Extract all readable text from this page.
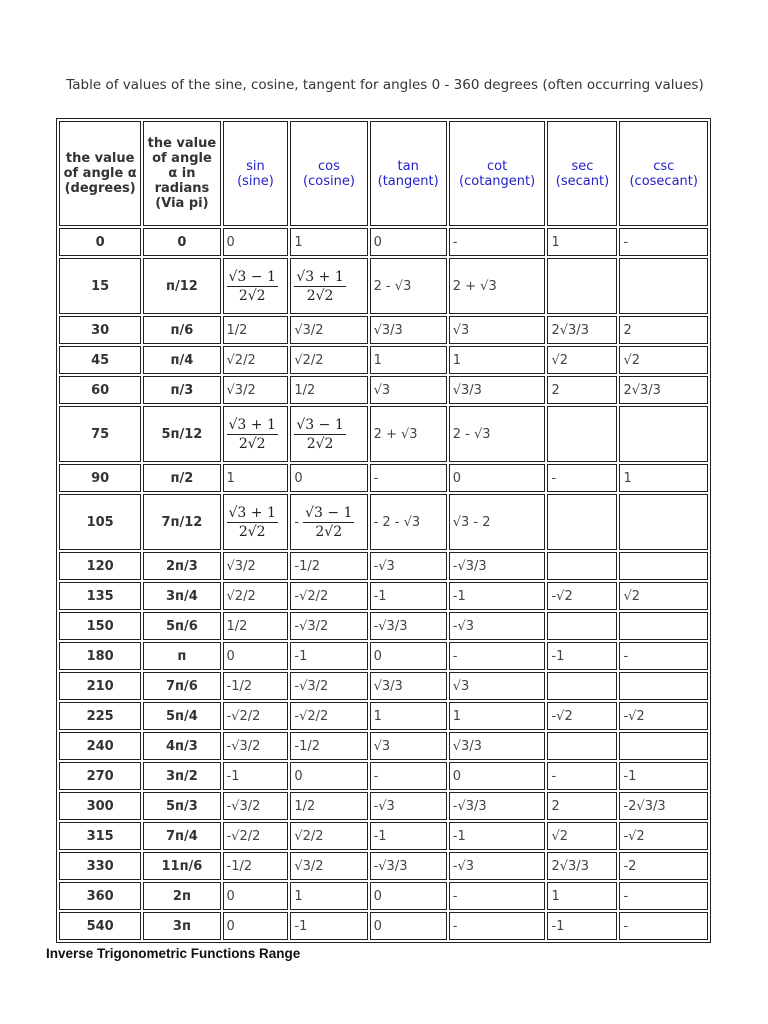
Table of values of the sine, cosine, tangent for angles 0 - 360 degrees (often occurring values)
the value of angle α (degrees)	the value of angle α in radians (Via pi)	sin (sine)	cos (cosine)	tan (tangent)	cot (cotangent)	sec (secant)	csc (cosecant)
0	0	0	1	0	-	1	-
15	п/12	$\frac{√3 - 1}{2√2}$	$\frac{√3 + 1}{2√2}$	2 - √3	2 + √3		
30	п/6	1/2	√3/2	√3/3	√3	2√3/3	2
45	п/4	√2/2	√2/2	1	1	√2	√2
60	п/3	√3/2	1/2	√3	√3/3	2	2√3/3
75	5п/12	$\frac{√3 + 1}{2√2}$	$\frac{√3 - 1}{2√2}$	2 + √3	2 - √3		
90	п/2	1	0	-	0	-	1
105	7п/12	$\frac{√3 + 1}{2√2}$	- $\frac{√3 - 1}{2√2}$	- 2 - √3	√3 - 2		
120	2п/3	√3/2	-1/2	-√3	-√3/3		
135	3п/4	√2/2	-√2/2	-1	-1	-√2	√2
150	5п/6	1/2	-√3/2	-√3/3	-√3		
180	п	0	-1	0	-	-1	-
210	7п/6	-1/2	-√3/2	√3/3	√3		
225	5п/4	-√2/2	-√2/2	1	1	-√2	-√2
240	4п/3	-√3/2	-1/2	√3	√3/3		
270	3п/2	-1	0	-	0	-	-1
300	5п/3	-√3/2	1/2	-√3	-√3/3	2	-2√3/3
315	7п/4	-√2/2	√2/2	-1	-1	√2	-√2
330	11п/6	-1/2	√3/2	-√3/3	-√3	2√3/3	-2
360	2п	0	1	0	-	1	-
540	3п	0	-1	0	-	-1	-
Inverse Trigonometric Functions Range
